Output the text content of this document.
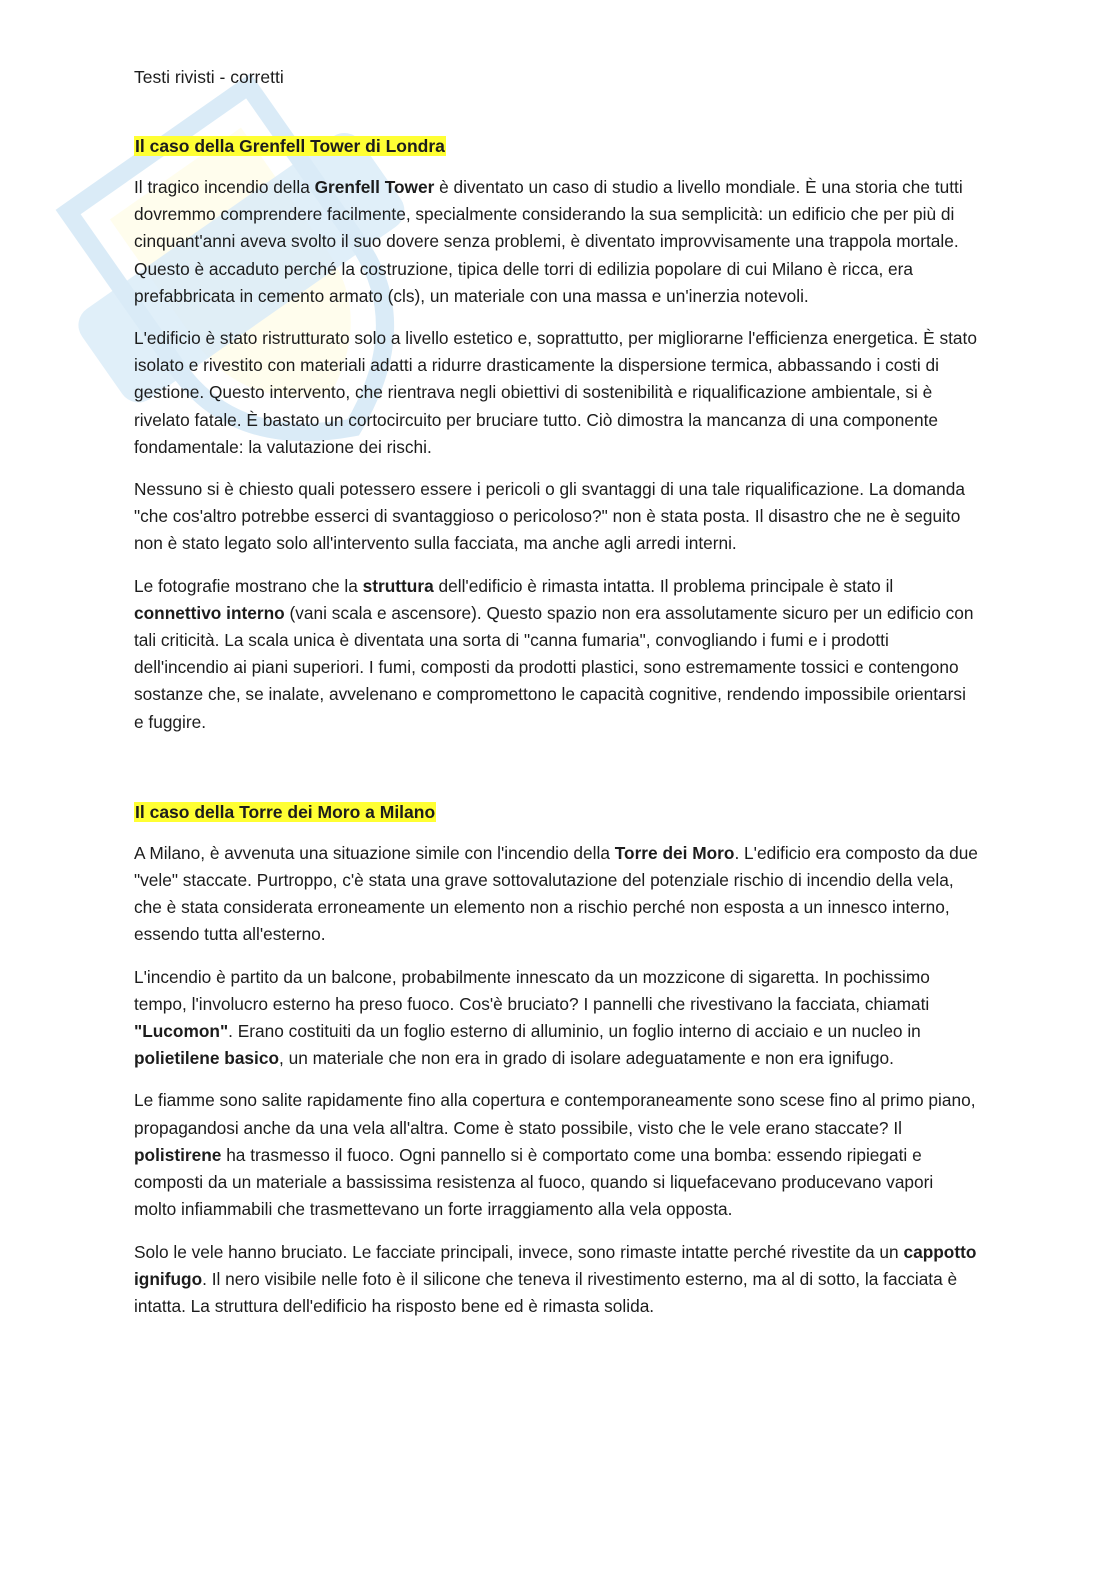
Testi rivisti - corretti

Il caso della Grenfell Tower di Londra

Il tragico incendio della Grenfell Tower è diventato un caso di studio a livello mondiale. È una storia che tutti dovremmo comprendere facilmente, specialmente considerando la sua semplicità: un edificio che per più di cinquant'anni aveva svolto il suo dovere senza problemi, è diventato improvvisamente una trappola mortale. Questo è accaduto perché la costruzione, tipica delle torri di edilizia popolare di cui Milano è ricca, era prefabbricata in cemento armato (cls), un materiale con una massa e un'inerzia notevoli.

L'edificio è stato ristrutturato solo a livello estetico e, soprattutto, per migliorarne l'efficienza energetica. È stato isolato e rivestito con materiali adatti a ridurre drasticamente la dispersione termica, abbassando i costi di gestione. Questo intervento, che rientrava negli obiettivi di sostenibilità e riqualificazione ambientale, si è rivelato fatale. È bastato un cortocircuito per bruciare tutto. Ciò dimostra la mancanza di una componente fondamentale: la valutazione dei rischi.

Nessuno si è chiesto quali potessero essere i pericoli o gli svantaggi di una tale riqualificazione. La domanda "che cos'altro potrebbe esserci di svantaggioso o pericoloso?" non è stata posta. Il disastro che ne è seguito non è stato legato solo all'intervento sulla facciata, ma anche agli arredi interni.

Le fotografie mostrano che la struttura dell'edificio è rimasta intatta. Il problema principale è stato il connettivo interno (vani scala e ascensore). Questo spazio non era assolutamente sicuro per un edificio con tali criticità. La scala unica è diventata una sorta di "canna fumaria", convogliando i fumi e i prodotti dell'incendio ai piani superiori. I fumi, composti da prodotti plastici, sono estremamente tossici e contengono sostanze che, se inalate, avvelenano e compromettono le capacità cognitive, rendendo impossibile orientarsi e fuggire.

Il caso della Torre dei Moro a Milano

A Milano, è avvenuta una situazione simile con l'incendio della Torre dei Moro. L'edificio era composto da due "vele" staccate. Purtroppo, c'è stata una grave sottovalutazione del potenziale rischio di incendio della vela, che è stata considerata erroneamente un elemento non a rischio perché non esposta a un innesco interno, essendo tutta all'esterno.

L'incendio è partito da un balcone, probabilmente innescato da un mozzicone di sigaretta. In pochissimo tempo, l'involucro esterno ha preso fuoco. Cos'è bruciato? I pannelli che rivestivano la facciata, chiamati "Lucomon". Erano costituiti da un foglio esterno di alluminio, un foglio interno di acciaio e un nucleo in polietilene basico, un materiale che non era in grado di isolare adeguatamente e non era ignifugo.

Le fiamme sono salite rapidamente fino alla copertura e contemporaneamente sono scese fino al primo piano, propagandosi anche da una vela all'altra. Come è stato possibile, visto che le vele erano staccate? Il polistirene ha trasmesso il fuoco. Ogni pannello si è comportato come una bomba: essendo ripiegati e composti da un materiale a bassissima resistenza al fuoco, quando si liquefacevano producevano vapori molto infiammabili che trasmettevano un forte irraggiamento alla vela opposta.

Solo le vele hanno bruciato. Le facciate principali, invece, sono rimaste intatte perché rivestite da un cappotto ignifugo. Il nero visibile nelle foto è il silicone che teneva il rivestimento esterno, ma al di sotto, la facciata è intatta. La struttura dell'edificio ha risposto bene ed è rimasta solida.
